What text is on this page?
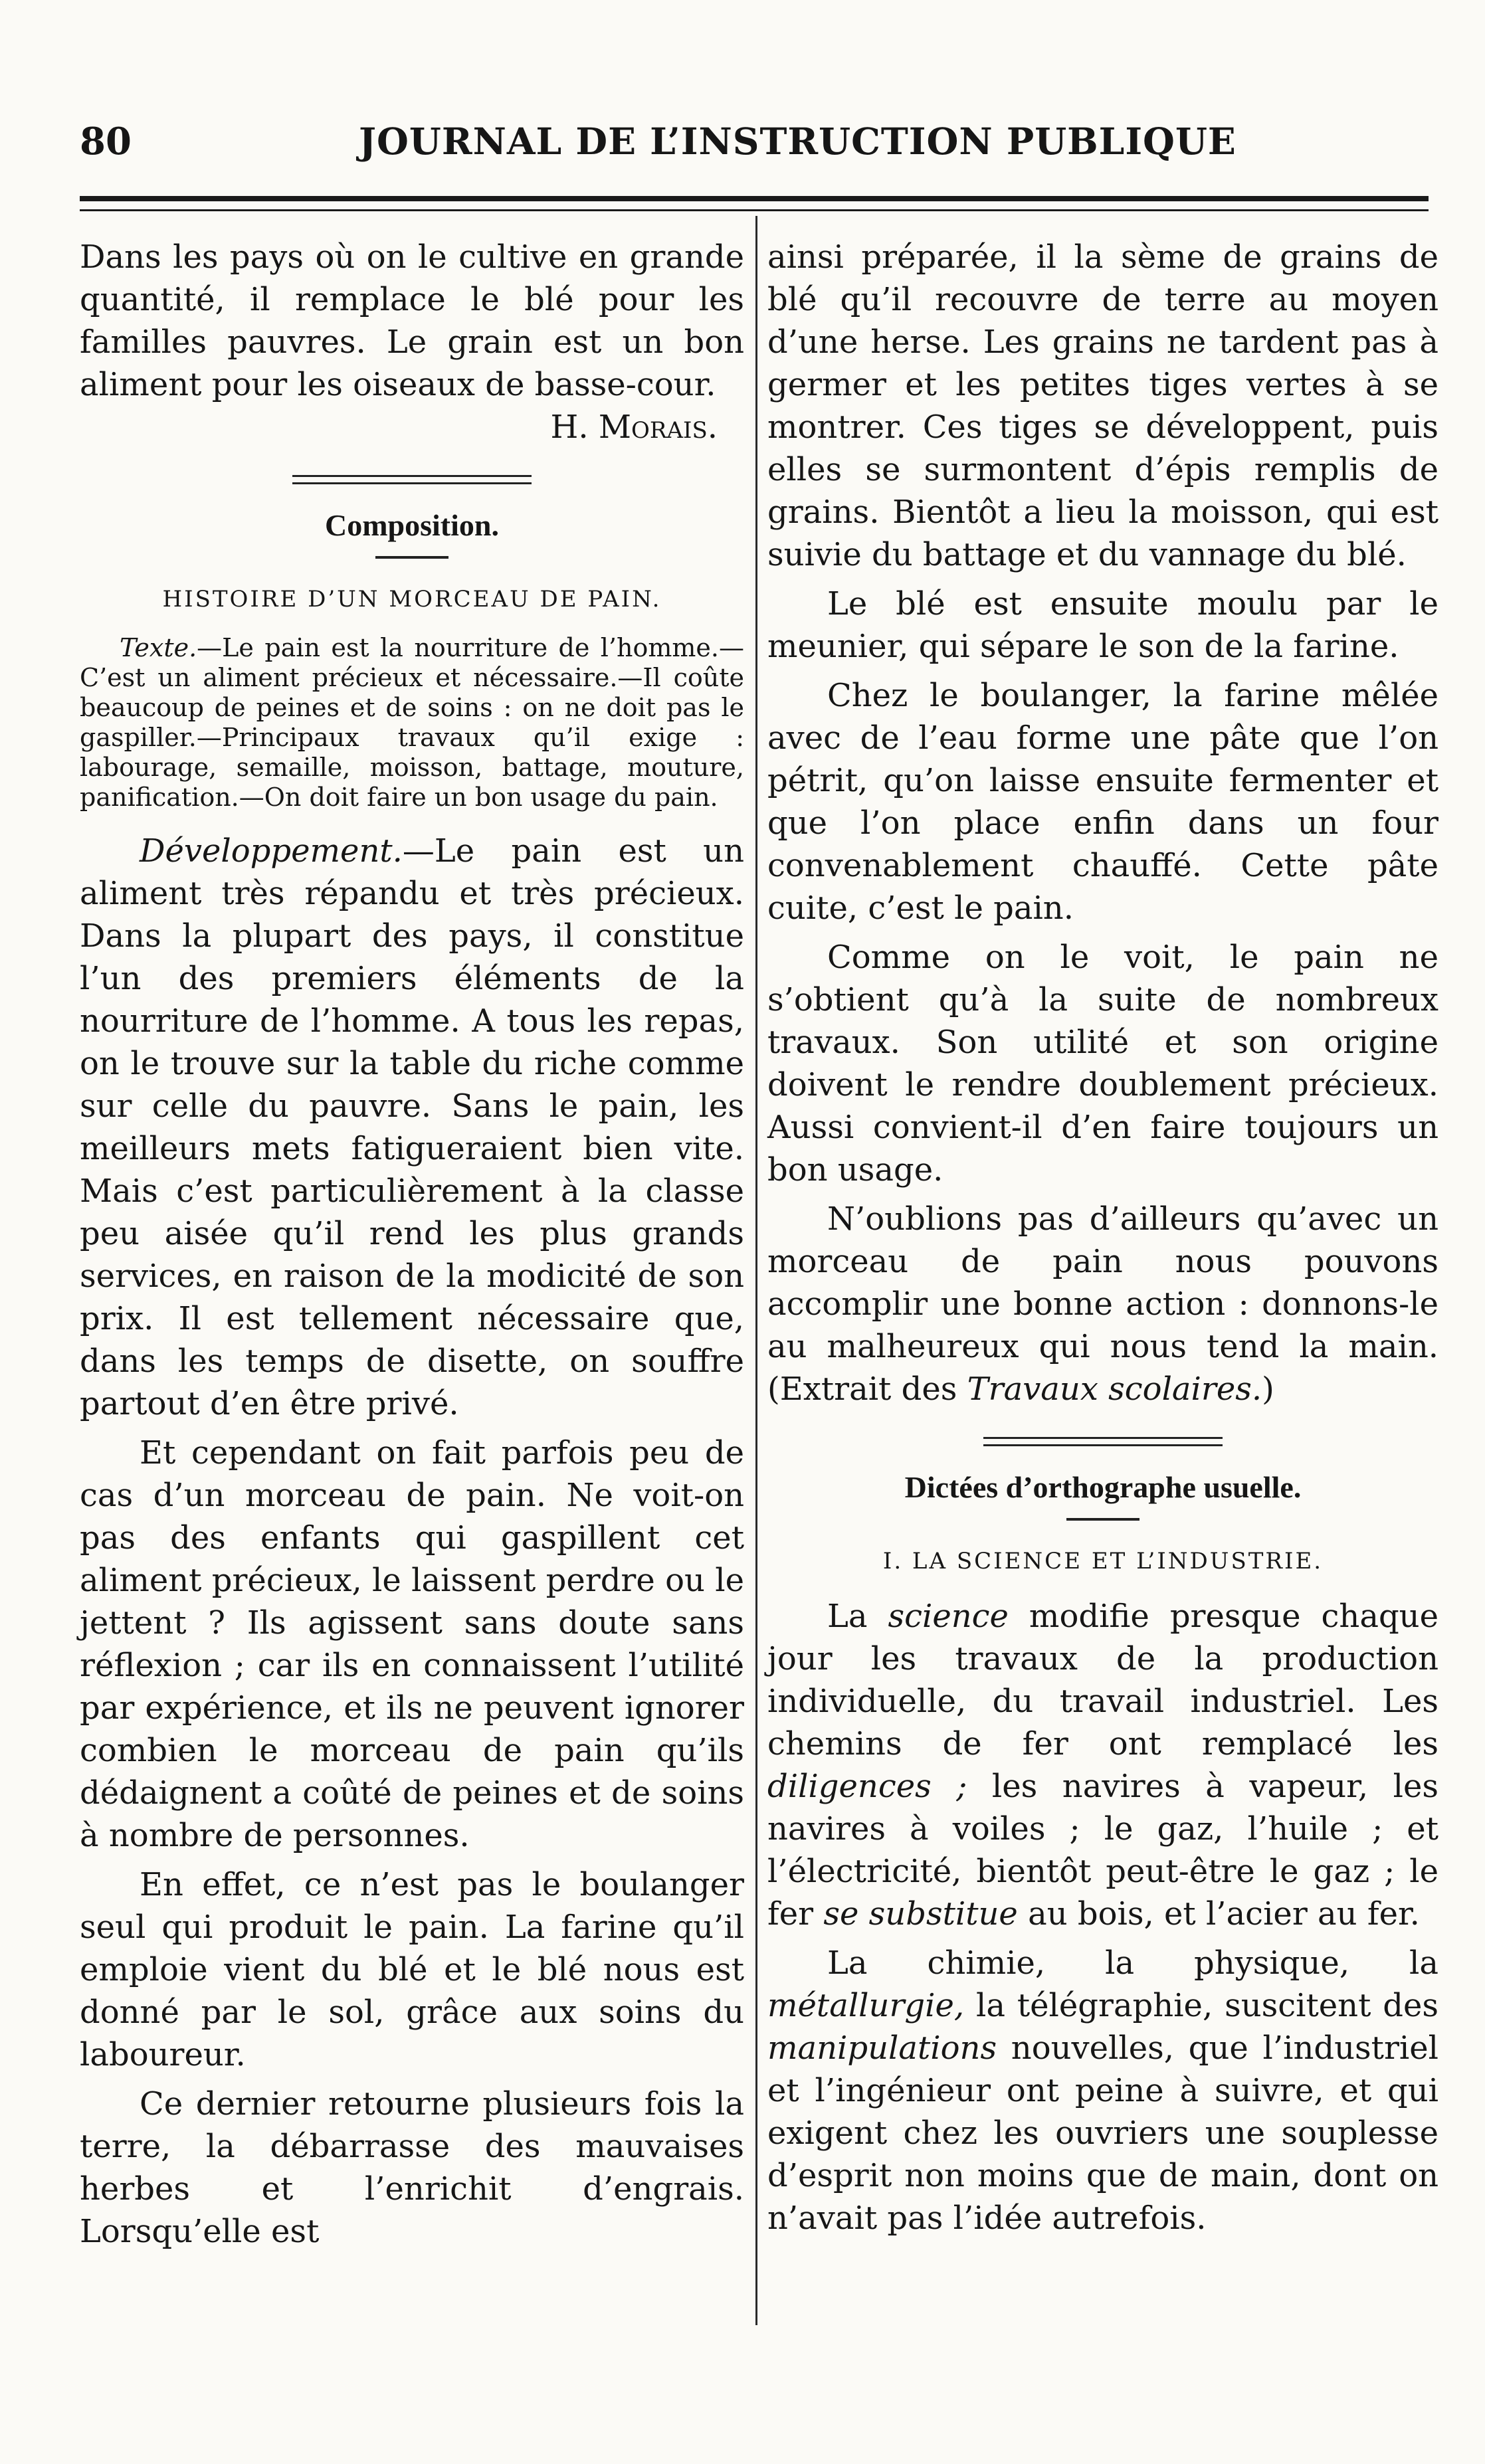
80	JOURNAL DE L’INSTRUCTION PUBLIQUE

Dans les pays où on le cultive en grande quantité, il remplace le blé pour les familles pauvres. Le grain est un bon aliment pour les oiseaux de basse-cour.
H. Morais.

Composition.
HISTOIRE D’UN MORCEAU DE PAIN.

Texte.—Le pain est la nourriture de l’homme.—C’est un aliment précieux et nécessaire.—Il coûte beaucoup de peines et de soins : on ne doit pas le gaspiller.—Principaux travaux qu’il exige : labourage, semaille, moisson, battage, mouture, panification.—On doit faire un bon usage du pain.

Développement.—Le pain est un aliment très répandu et très précieux. Dans la plupart des pays, il constitue l’un des premiers éléments de la nourriture de l’homme. A tous les repas, on le trouve sur la table du riche comme sur celle du pauvre. Sans le pain, les meilleurs mets fatigueraient bien vite. Mais c’est particulièrement à la classe peu aisée qu’il rend les plus grands services, en raison de la modicité de son prix. Il est tellement nécessaire que, dans les temps de disette, on souffre partout d’en être privé.

Et cependant on fait parfois peu de cas d’un morceau de pain. Ne voit-on pas des enfants qui gaspillent cet aliment précieux, le laissent perdre ou le jettent ? Ils agissent sans doute sans réflexion ; car ils en connaissent l’utilité par expérience, et ils ne peuvent ignorer combien le morceau de pain qu’ils dédaignent a coûté de peines et de soins à nombre de personnes.

En effet, ce n’est pas le boulanger seul qui produit le pain. La farine qu’il emploie vient du blé et le blé nous est donné par le sol, grâce aux soins du laboureur.

Ce dernier retourne plusieurs fois la terre, la débarrasse des mauvaises herbes et l’enrichit d’engrais. Lorsqu’elle est

ainsi préparée, il la sème de grains de blé qu’il recouvre de terre au moyen d’une herse. Les grains ne tardent pas à germer et les petites tiges vertes à se montrer. Ces tiges se développent, puis elles se surmontent d’épis remplis de grains. Bientôt a lieu la moisson, qui est suivie du battage et du vannage du blé.

Le blé est ensuite moulu par le meunier, qui sépare le son de la farine.

Chez le boulanger, la farine mêlée avec de l’eau forme une pâte que l’on pétrit, qu’on laisse ensuite fermenter et que l’on place enfin dans un four convenablement chauffé. Cette pâte cuite, c’est le pain.

Comme on le voit, le pain ne s’obtient qu’à la suite de nombreux travaux. Son utilité et son origine doivent le rendre doublement précieux. Aussi convient-il d’en faire toujours un bon usage.

N’oublions pas d’ailleurs qu’avec un morceau de pain nous pouvons accomplir une bonne action : donnons-le au malheureux qui nous tend la main. (Extrait des Travaux scolaires.)

Dictées d’orthographe usuelle.
I. LA SCIENCE ET L’INDUSTRIE.

La science modifie presque chaque jour les travaux de la production individuelle, du travail industriel. Les chemins de fer ont remplacé les diligences ; les navires à vapeur, les navires à voiles ; le gaz, l’huile ; et l’électricité, bientôt peut-être le gaz ; le fer se substitue au bois, et l’acier au fer.

La chimie, la physique, la métallurgie, la télégraphie, suscitent des manipulations nouvelles, que l’industriel et l’ingénieur ont peine à suivre, et qui exigent chez les ouvriers une souplesse d’esprit non moins que de main, dont on n’avait pas l’idée autrefois.
